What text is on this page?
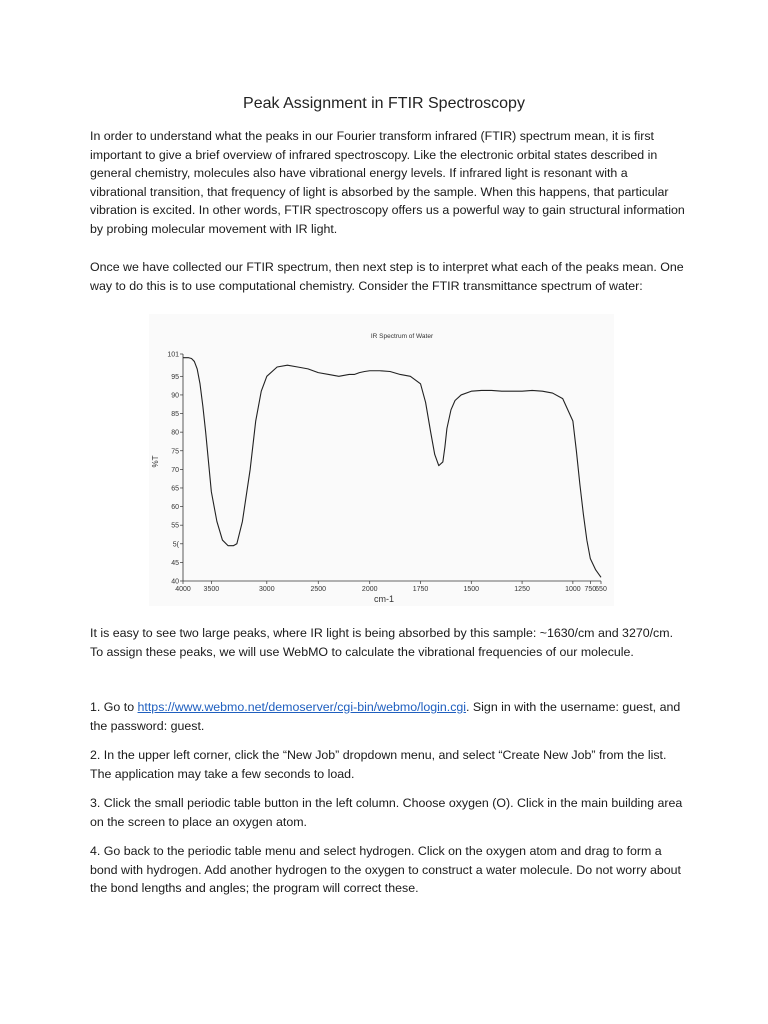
Peak Assignment in FTIR Spectroscopy

In order to understand what the peaks in our Fourier transform infrared (FTIR) spectrum mean, it is first important to give a brief overview of infrared spectroscopy. Like the electronic orbital states described in general chemistry, molecules also have vibrational energy levels. If infrared light is resonant with a vibrational transition, that frequency of light is absorbed by the sample. When this happens, that particular vibration is excited. In other words, FTIR spectroscopy offers us a powerful way to gain structural information by probing molecular movement with IR light.

Once we have collected our FTIR spectrum, then next step is to interpret what each of the peaks mean. One way to do this is to use computational chemistry. Consider the FTIR transmittance spectrum of water:

IR Spectrum of Water
101
95
90
85
80
75
70
65
60
55
5(
45
40
4000 3500	3000	2500	2000	1750	1500	1250	1000 750
650
cm-1
%T

It is easy to see two large peaks, where IR light is being absorbed by this sample: ~1630/cm and 3270/cm. To assign these peaks, we will use WebMO to calculate the vibrational frequencies of our molecule.

1. Go to https://www.webmo.net/demoserver/cgi-bin/webmo/login.cgi. Sign in with the username: guest, and the password: guest.

2. In the upper left corner, click the “New Job” dropdown menu, and select “Create New Job” from the list. The application may take a few seconds to load.

3. Click the small periodic table button in the left column. Choose oxygen (O). Click in the main building area on the screen to place an oxygen atom.

4. Go back to the periodic table menu and select hydrogen. Click on the oxygen atom and drag to form a bond with hydrogen. Add another hydrogen to the oxygen to construct a water molecule. Do not worry about the bond lengths and angles; the program will correct these.
